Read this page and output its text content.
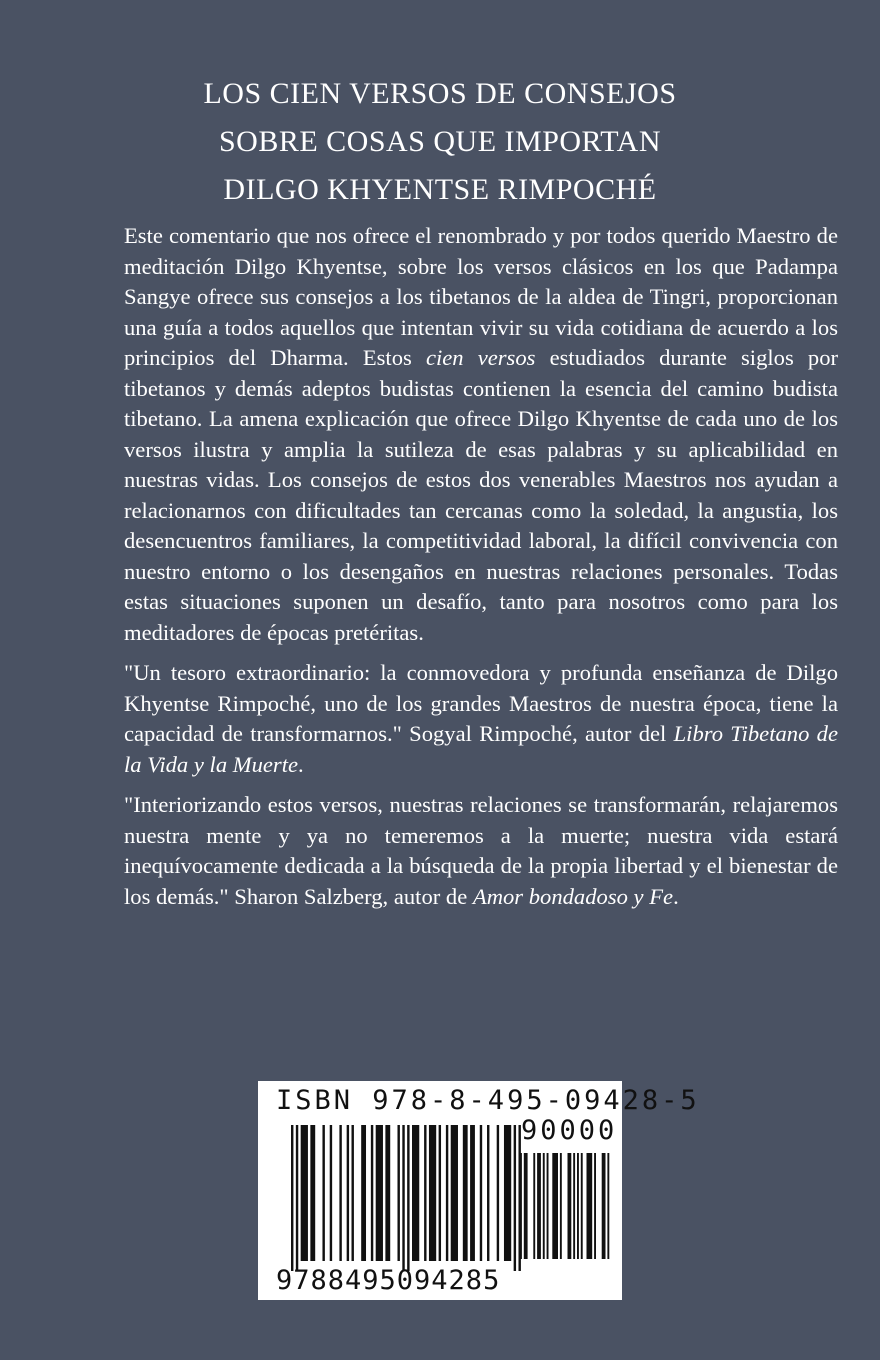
LOS CIEN VERSOS DE CONSEJOS
SOBRE COSAS QUE IMPORTAN
DILGO KHYENTSE RIMPOCHÉ

Este comentario que nos ofrece el renombrado y por todos querido Maestro de meditación Dilgo Khyentse, sobre los versos clásicos en los que Padampa Sangye ofrece sus consejos a los tibetanos de la aldea de Tingri, proporcionan una guía a todos aquellos que intentan vivir su vida cotidiana de acuerdo a los principios del Dharma. Estos cien versos estudiados durante siglos por tibetanos y demás adeptos budistas contienen la esencia del camino budista tibetano. La amena explicación que ofrece Dilgo Khyentse de cada uno de los versos ilustra y amplia la sutileza de esas palabras y su aplicabilidad en nuestras vidas. Los consejos de estos dos venerables Maestros nos ayudan a relacionarnos con dificultades tan cercanas como la soledad, la angustia, los desencuentros familiares, la competitividad laboral, la difícil convivencia con nuestro entorno o los desengaños en nuestras relaciones personales. Todas estas situaciones suponen un desafío, tanto para nosotros como para los meditadores de épocas pretéritas.

"Un tesoro extraordinario: la conmovedora y profunda enseñanza de Dilgo Khyentse Rimpoché, uno de los grandes Maestros de nuestra época, tiene la capacidad de transformarnos." Sogyal Rimpoché, autor del Libro Tibetano de la Vida y la Muerte.

"Interiorizando estos versos, nuestras relaciones se transformarán, relajaremos nuestra mente y ya no temeremos a la muerte; nuestra vida estará inequívocamente dedicada a la búsqueda de la propia libertad y el bienestar de los demás." Sharon Salzberg, autor de Amor bondadoso y Fe.

ISBN 978-8-495-09428-5
90000
9788495094285
